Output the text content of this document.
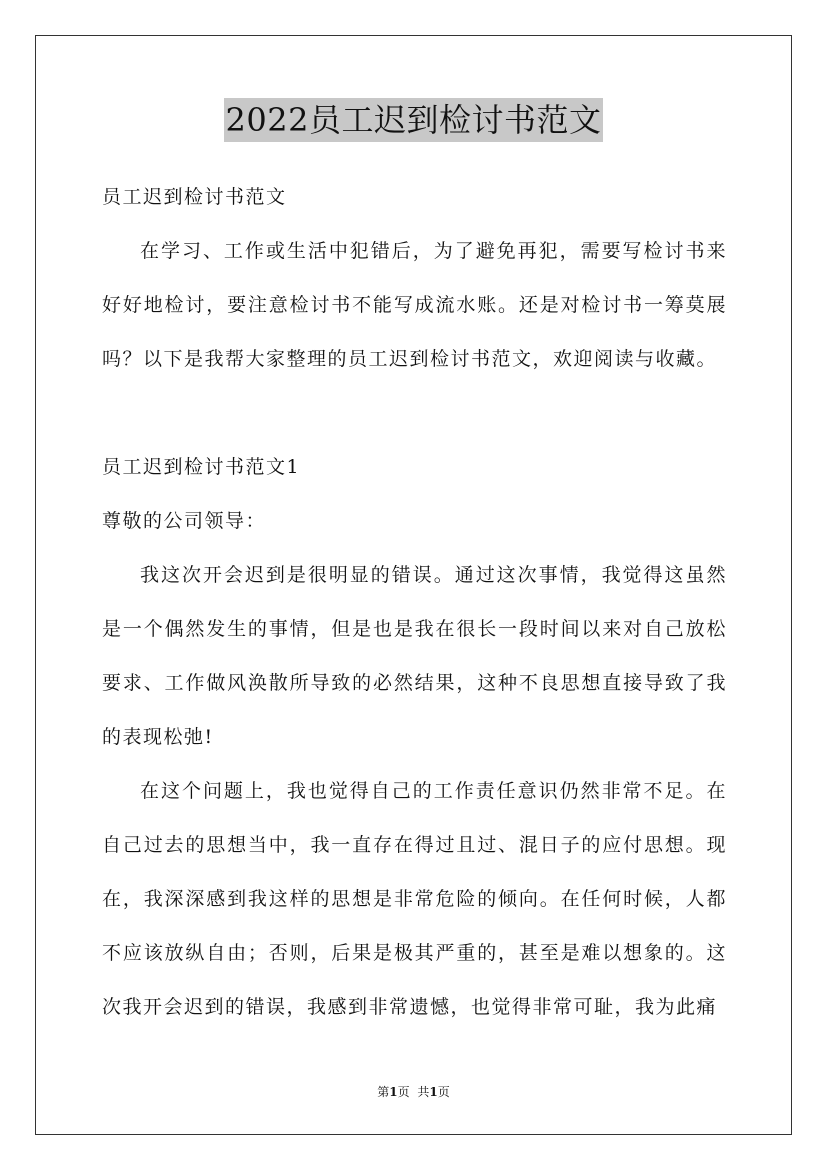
2022员工迟到检讨书范文

员工迟到检讨书范文

在学习、工作或生活中犯错后，为了避免再犯，需要写检讨书来好好地检讨，要注意检讨书不能写成流水账。还是对检讨书一筹莫展吗？以下是我帮大家整理的员工迟到检讨书范文，欢迎阅读与收藏。

员工迟到检讨书范文1

尊敬的公司领导：

我这次开会迟到是很明显的错误。通过这次事情，我觉得这虽然是一个偶然发生的事情，但是也是我在很长一段时间以来对自己放松要求、工作做风涣散所导致的必然结果，这种不良思想直接导致了我的表现松弛!

在这个问题上，我也觉得自己的工作责任意识仍然非常不足。在自己过去的思想当中，我一直存在得过且过、混日子的应付思想。现在，我深深感到我这样的思想是非常危险的倾向。在任何时候，人都不应该放纵自由；否则，后果是极其严重的，甚至是难以想象的。这次我开会迟到的错误，我感到非常遗憾，也觉得非常可耻，我为此痛

第1页 共1页
